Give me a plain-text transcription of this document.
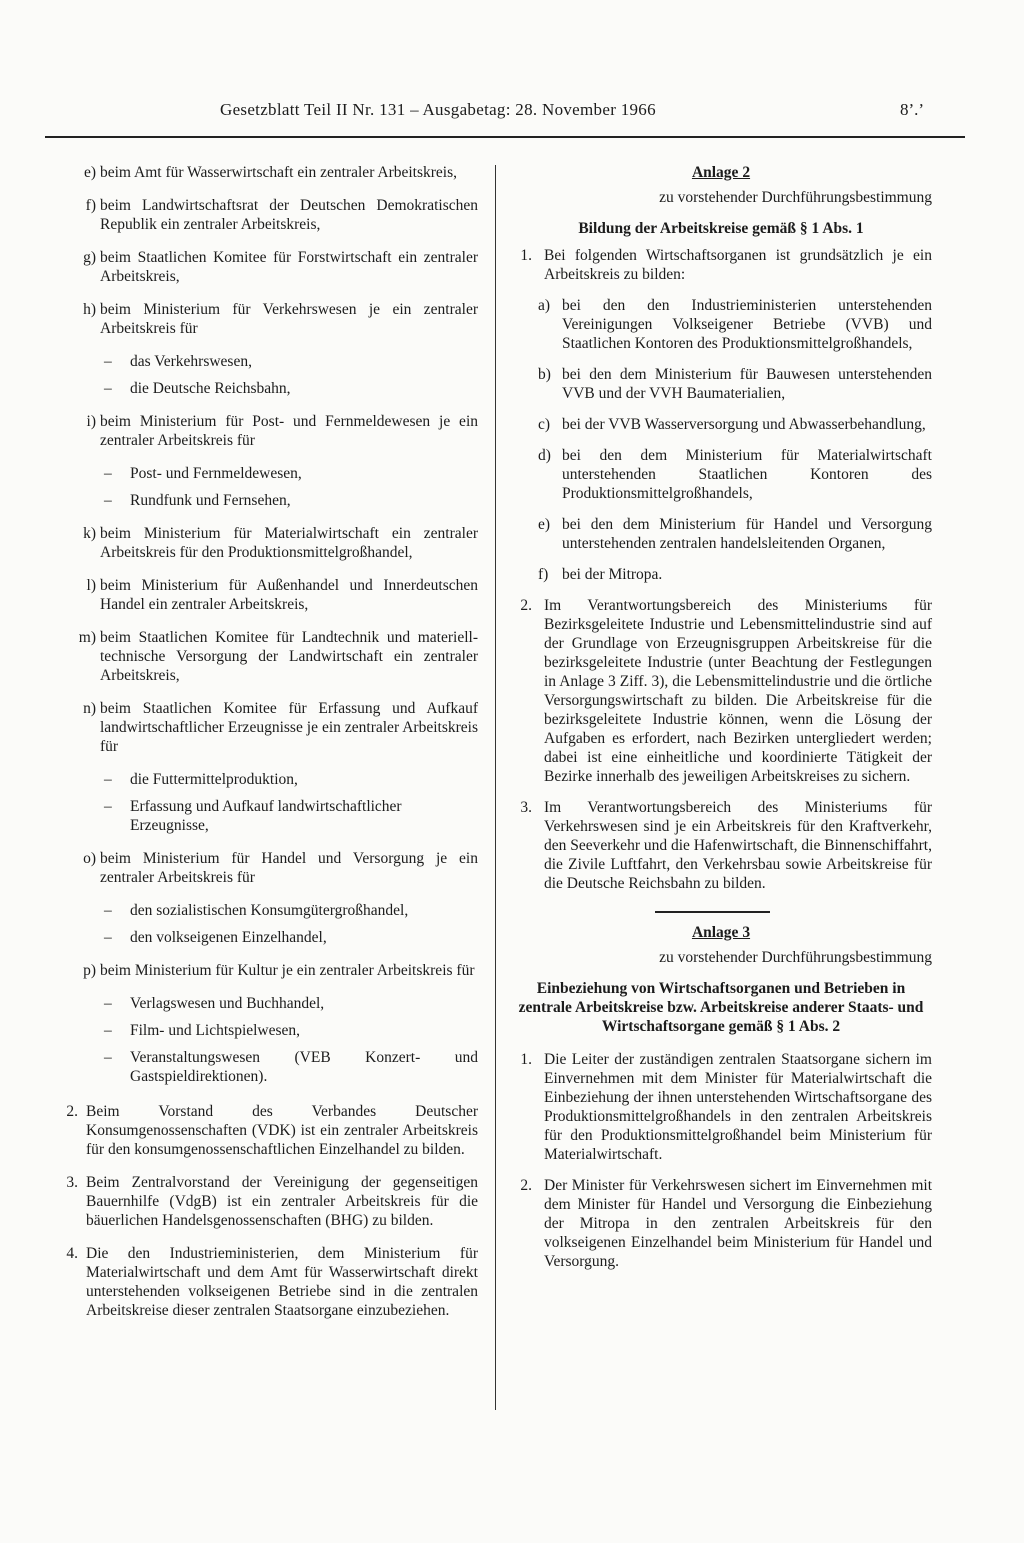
Gesetzblatt Teil II Nr. 131 – Ausgabetag: 28. November 1966	8’.’
e) beim Amt für Wasserwirtschaft ein zentraler Arbeitskreis,
f) beim Landwirtschaftsrat der Deutschen Demokratischen Republik ein zentraler Arbeitskreis,
g) beim Staatlichen Komitee für Forstwirtschaft ein zentraler Arbeitskreis,
h) beim Ministerium für Verkehrswesen je ein zentraler Arbeitskreis für
– das Verkehrswesen,
– die Deutsche Reichsbahn,
i) beim Ministerium für Post- und Fernmeldewesen je ein zentraler Arbeitskreis für
– Post- und Fernmeldewesen,
– Rundfunk und Fernsehen,
k) beim Ministerium für Materialwirtschaft ein zentraler Arbeitskreis für den Produktionsmittelgroßhandel,
l) beim Ministerium für Außenhandel und Innerdeutschen Handel ein zentraler Arbeitskreis,
m) beim Staatlichen Komitee für Landtechnik und materiell-technische Versorgung der Landwirtschaft ein zentraler Arbeitskreis,
n) beim Staatlichen Komitee für Erfassung und Aufkauf landwirtschaftlicher Erzeugnisse je ein zentraler Arbeitskreis für
– die Futtermittelproduktion,
– Erfassung und Aufkauf landwirtschaftlicher Erzeugnisse,
o) beim Ministerium für Handel und Versorgung je ein zentraler Arbeitskreis für
– den sozialistischen Konsumgütergroßhandel,
– den volkseigenen Einzelhandel,
p) beim Ministerium für Kultur je ein zentraler Arbeitskreis für
– Verlagswesen und Buchhandel,
– Film- und Lichtspielwesen,
– Veranstaltungswesen (VEB Konzert- und Gastspieldirektionen).
2. Beim Vorstand des Verbandes Deutscher Konsumgenossenschaften (VDK) ist ein zentraler Arbeitskreis für den konsumgenossenschaftlichen Einzelhandel zu bilden.
3. Beim Zentralvorstand der Vereinigung der gegenseitigen Bauernhilfe (VdgB) ist ein zentraler Arbeitskreis für die bäuerlichen Handelsgenossenschaften (BHG) zu bilden.
4. Die den Industrieministerien, dem Ministerium für Materialwirtschaft und dem Amt für Wasserwirtschaft direkt unterstehenden volkseigenen Betriebe sind in die zentralen Arbeitskreise dieser zentralen Staatsorgane einzubeziehen.
Anlage 2
zu vorstehender Durchführungsbestimmung
Bildung der Arbeitskreise gemäß § 1 Abs. 1
1. Bei folgenden Wirtschaftsorganen ist grundsätzlich je ein Arbeitskreis zu bilden:
a) bei den den Industrieministerien unterstehenden Vereinigungen Volkseigener Betriebe (VVB) und Staatlichen Kontoren des Produktionsmittelgroßhandels,
b) bei den dem Ministerium für Bauwesen unterstehenden VVB und der VVH Baumaterialien,
c) bei der VVB Wasserversorgung und Abwasserbehandlung,
d) bei den dem Ministerium für Materialwirtschaft unterstehenden Staatlichen Kontoren des Produktionsmittelgroßhandels,
e) bei den dem Ministerium für Handel und Versorgung unterstehenden zentralen handelsleitenden Organen,
f) bei der Mitropa.
2. Im Verantwortungsbereich des Ministeriums für Bezirksgeleitete Industrie und Lebensmittelindustrie sind auf der Grundlage von Erzeugnisgruppen Arbeitskreise für die bezirksgeleitete Industrie (unter Beachtung der Festlegungen in Anlage 3 Ziff. 3), die Lebensmittelindustrie und die örtliche Versorgungswirtschaft zu bilden. Die Arbeitskreise für die bezirksgeleitete Industrie können, wenn die Lösung der Aufgaben es erfordert, nach Bezirken untergliedert werden; dabei ist eine einheitliche und koordinierte Tätigkeit der Bezirke innerhalb des jeweiligen Arbeitskreises zu sichern.
3. Im Verantwortungsbereich des Ministeriums für Verkehrswesen sind je ein Arbeitskreis für den Kraftverkehr, den Seeverkehr und die Hafenwirtschaft, die Binnenschiffahrt, die Zivile Luftfahrt, den Verkehrsbau sowie Arbeitskreise für die Deutsche Reichsbahn zu bilden.
Anlage 3
zu vorstehender Durchführungsbestimmung
Einbeziehung von Wirtschaftsorganen und Betrieben in zentrale Arbeitskreise bzw. Arbeitskreise anderer Staats- und Wirtschaftsorgane gemäß § 1 Abs. 2
1. Die Leiter der zuständigen zentralen Staatsorgane sichern im Einvernehmen mit dem Minister für Materialwirtschaft die Einbeziehung der ihnen unterstehenden Wirtschaftsorgane des Produktionsmittelgroßhandels in den zentralen Arbeitskreis für den Produktionsmittelgroßhandel beim Ministerium für Materialwirtschaft.
2. Der Minister für Verkehrswesen sichert im Einvernehmen mit dem Minister für Handel und Versorgung die Einbeziehung der Mitropa in den zentralen Arbeitskreis für den volkseigenen Einzelhandel beim Ministerium für Handel und Versorgung.
